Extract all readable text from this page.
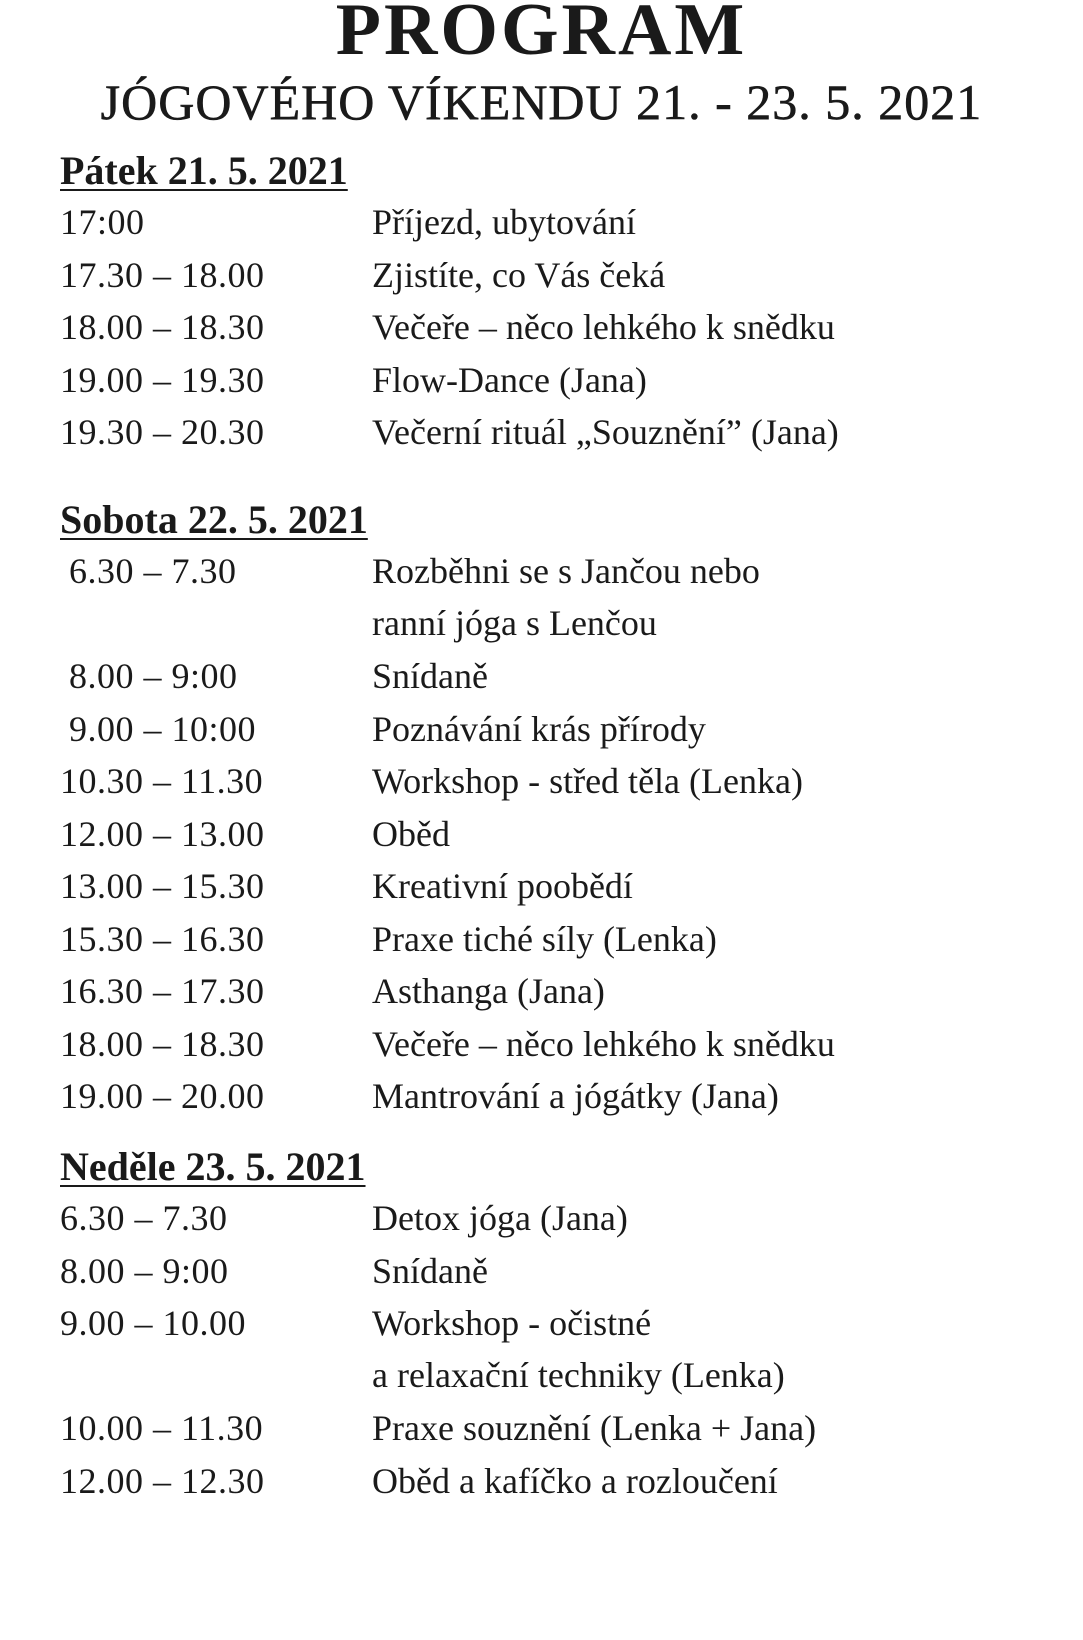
PROGRAM
JÓGOVÉHO VÍKENDU 21. - 23. 5. 2021
Pátek 21. 5. 2021
17:00	Příjezd, ubytování
17.30 – 18.00	Zjistíte, co Vás čeká
18.00 – 18.30	Večeře – něco lehkého k snědku
19.00 – 19.30	Flow-Dance (Jana)
19.30 – 20.30	Večerní rituál „Souznění” (Jana)
Sobota 22. 5. 2021
6.30 – 7.30	Rozběhni se s Jančou nebo
ranní jóga s Lenčou
8.00 – 9:00	Snídaně
9.00 – 10:00	Poznávání krás přírody
10.30 – 11.30	Workshop - střed těla (Lenka)
12.00 – 13.00	Oběd
13.00 – 15.30	Kreativní poobědí
15.30 – 16.30	Praxe tiché síly (Lenka)
16.30 – 17.30	Asthanga (Jana)
18.00 – 18.30	Večeře – něco lehkého k snědku
19.00 – 20.00	Mantrování a jógátky (Jana)
Neděle 23. 5. 2021
6.30 – 7.30	Detox jóga (Jana)
8.00 – 9:00	Snídaně
9.00 – 10.00	Workshop - očistné
a relaxační techniky (Lenka)
10.00 – 11.30	Praxe souznění (Lenka + Jana)
12.00 – 12.30	Oběd a kafíčko a rozloučení
